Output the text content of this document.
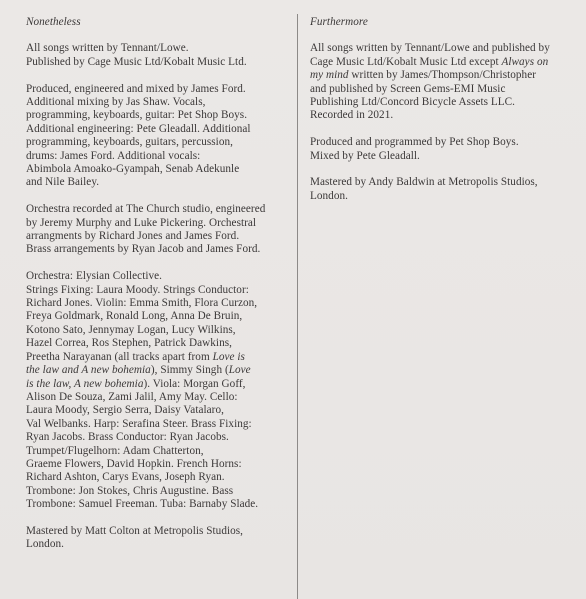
Nonetheless
All songs written by Tennant/Lowe.
Published by Cage Music Ltd/Kobalt Music Ltd.
Produced, engineered and mixed by James Ford.
Additional mixing by Jas Shaw. Vocals,
programming, keyboards, guitar: Pet Shop Boys.
Additional engineering: Pete Gleadall. Additional
programming, keyboards, guitars, percussion,
drums: James Ford. Additional vocals:
Abimbola Amoako-Gyampah, Senab Adekunle
and Nile Bailey.
Orchestra recorded at The Church studio, engineered
by Jeremy Murphy and Luke Pickering. Orchestral
arrangments by Richard Jones and James Ford.
Brass arrangements by Ryan Jacob and James Ford.
Orchestra: Elysian Collective.
Strings Fixing: Laura Moody. Strings Conductor:
Richard Jones. Violin: Emma Smith, Flora Curzon,
Freya Goldmark, Ronald Long, Anna De Bruin,
Kotono Sato, Jennymay Logan, Lucy Wilkins,
Hazel Correa, Ros Stephen, Patrick Dawkins,
Preetha Narayanan (all tracks apart from Love is
the law and A new bohemia), Simmy Singh (Love
is the law, A new bohemia). Viola: Morgan Goff,
Alison De Souza, Zami Jalil, Amy May. Cello:
Laura Moody, Sergio Serra, Daisy Vatalaro,
Val Welbanks. Harp: Serafina Steer. Brass Fixing:
Ryan Jacobs. Brass Conductor: Ryan Jacobs.
Trumpet/Flugelhorn: Adam Chatterton,
Graeme Flowers, David Hopkin. French Horns:
Richard Ashton, Carys Evans, Joseph Ryan.
Trombone: Jon Stokes, Chris Augustine. Bass
Trombone: Samuel Freeman. Tuba: Barnaby Slade.
Mastered by Matt Colton at Metropolis Studios,
London.
Furthermore
All songs written by Tennant/Lowe and published by
Cage Music Ltd/Kobalt Music Ltd except Always on
my mind written by James/Thompson/Christopher
and published by Screen Gems-EMI Music
Publishing Ltd/Concord Bicycle Assets LLC.
Recorded in 2021.
Produced and programmed by Pet Shop Boys.
Mixed by Pete Gleadall.
Mastered by Andy Baldwin at Metropolis Studios,
London.
